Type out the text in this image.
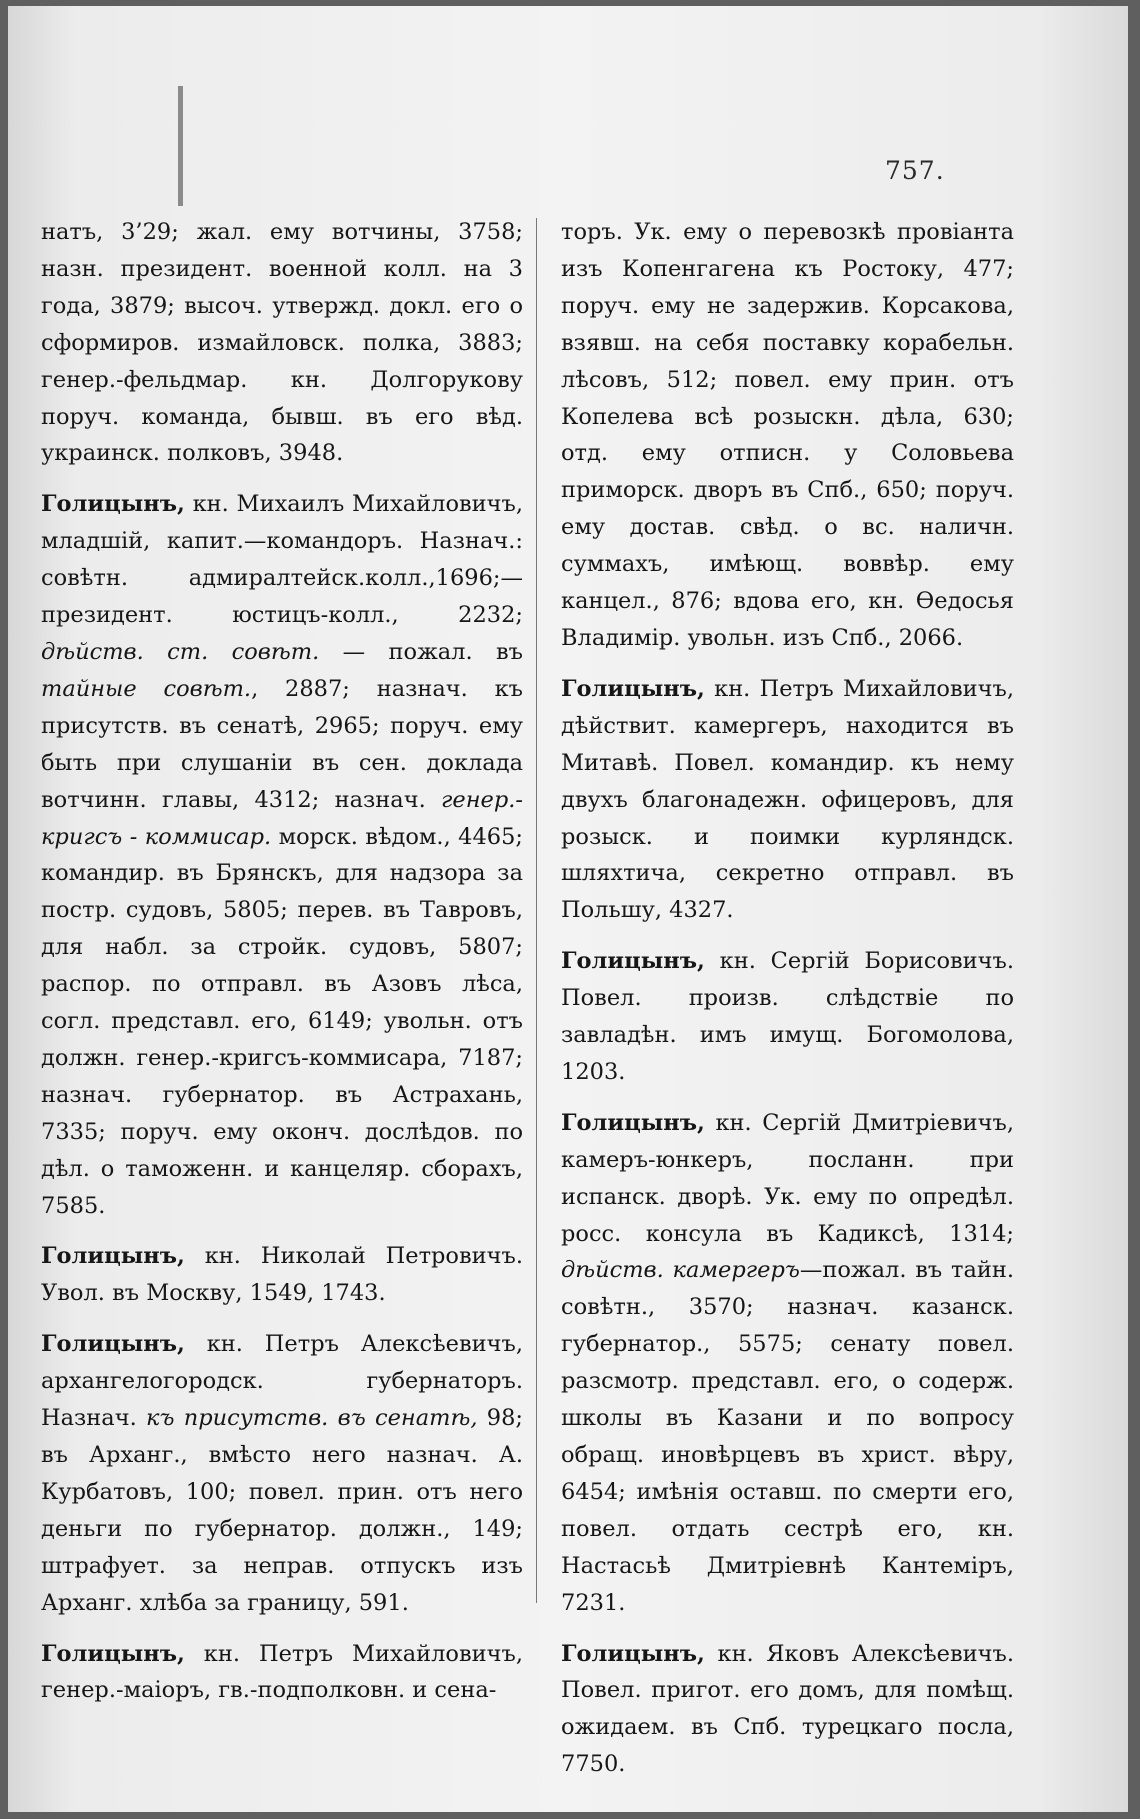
757.

натъ, 3’29; жал. ему вотчины, 3758; назн. президент. военной колл. на 3 года, 3879; высоч. утвержд. докл. его о сформиров. измайловск. полка, 3883; генер.-фельдмар. кн. Долгорукову поруч. команда, бывш. въ его вѣд. украинск. полковъ, 3948.

Голицынъ, кн. Михаилъ Михайловичъ, младшій, капит.—командоръ. Назнач.: совѣтн. адмиралтейск.колл.,1696;—президент. юстицъ-колл., 2232; дѣйств. ст. совѣт. — пожал. въ тайные совѣт., 2887; назнач. къ присутств. въ сенатѣ, 2965; поруч. ему быть при слушаніи въ сен. доклада вотчинн. главы, 4312; назнач. генер.-кригсъ - коммисар. морск. вѣдом., 4465; командир. въ Брянскъ, для надзора за постр. судовъ, 5805; перев. въ Тавровъ, для набл. за стройк. судовъ, 5807; распор. по отправл. въ Азовъ лѣса, согл. представл. его, 6149; увольн. отъ должн. генер.-кригсъ-коммисара, 7187; назнач. губернатор. въ Астрахань, 7335; поруч. ему оконч. дослѣдов. по дѣл. о таможенн. и канцеляр. сборахъ, 7585.

Голицынъ, кн. Николай Петровичъ. Увол. въ Москву, 1549, 1743.

Голицынъ, кн. Петръ Алексѣевичъ, архангелогородск. губернаторъ. Назнач. къ присутств. въ сенатѣ, 98; въ Арханг., вмѣсто него назнач. А. Курбатовъ, 100; повел. прин. отъ него деньги по губернатор. должн., 149; штрафует. за неправ. отпускъ изъ Арханг. хлѣба за границу, 591.

Голицынъ, кн. Петръ Михайловичъ, генер.-маіоръ, гв.-подполковн. и сена-

торъ. Ук. ему о перевозкѣ провіанта изъ Копенгагена къ Ростоку, 477; поруч. ему не задержив. Корсакова, взявш. на себя поставку корабельн. лѣсовъ, 512; повел. ему прин. отъ Копелева всѣ розыскн. дѣла, 630; отд. ему отписн. у Соловьева приморск. дворъ въ Спб., 650; поруч. ему достав. свѣд. о вс. наличн. суммахъ, имѣющ. воввѣр. ему канцел., 876; вдова его, кн. Ѳедосья Владимір. увольн. изъ Спб., 2066.

Голицынъ, кн. Петръ Михайловичъ, дѣйствит. камергеръ, находится въ Митавѣ. Повел. командир. къ нему двухъ благонадежн. офицеровъ, для розыск. и поимки курляндск. шляхтича, секретно отправл. въ Польшу, 4327.

Голицынъ, кн. Сергій Борисовичъ. Повел. произв. слѣдствіе по завладѣн. имъ имущ. Богомолова, 1203.

Голицынъ, кн. Сергій Дмитріевичъ, камеръ-юнкеръ, посланн. при испанск. дворѣ. Ук. ему по опредѣл. росс. консула въ Кадиксѣ, 1314; дѣйств. камергеръ—пожал. въ тайн. совѣтн., 3570; назнач. казанск. губернатор., 5575; сенату повел. разсмотр. представл. его, о содерж. школы въ Казани и по вопросу обращ. иновѣрцевъ въ христ. вѣру, 6454; имѣнія оставш. по смерти его, повел. отдать сестрѣ его, кн. Настасьѣ Дмитріевнѣ Кантеміръ, 7231.

Голицынъ, кн. Яковъ Алексѣевичъ. Повел. пригот. его домъ, для помѣщ. ожидаем. въ Спб. турецкаго посла, 7750.
